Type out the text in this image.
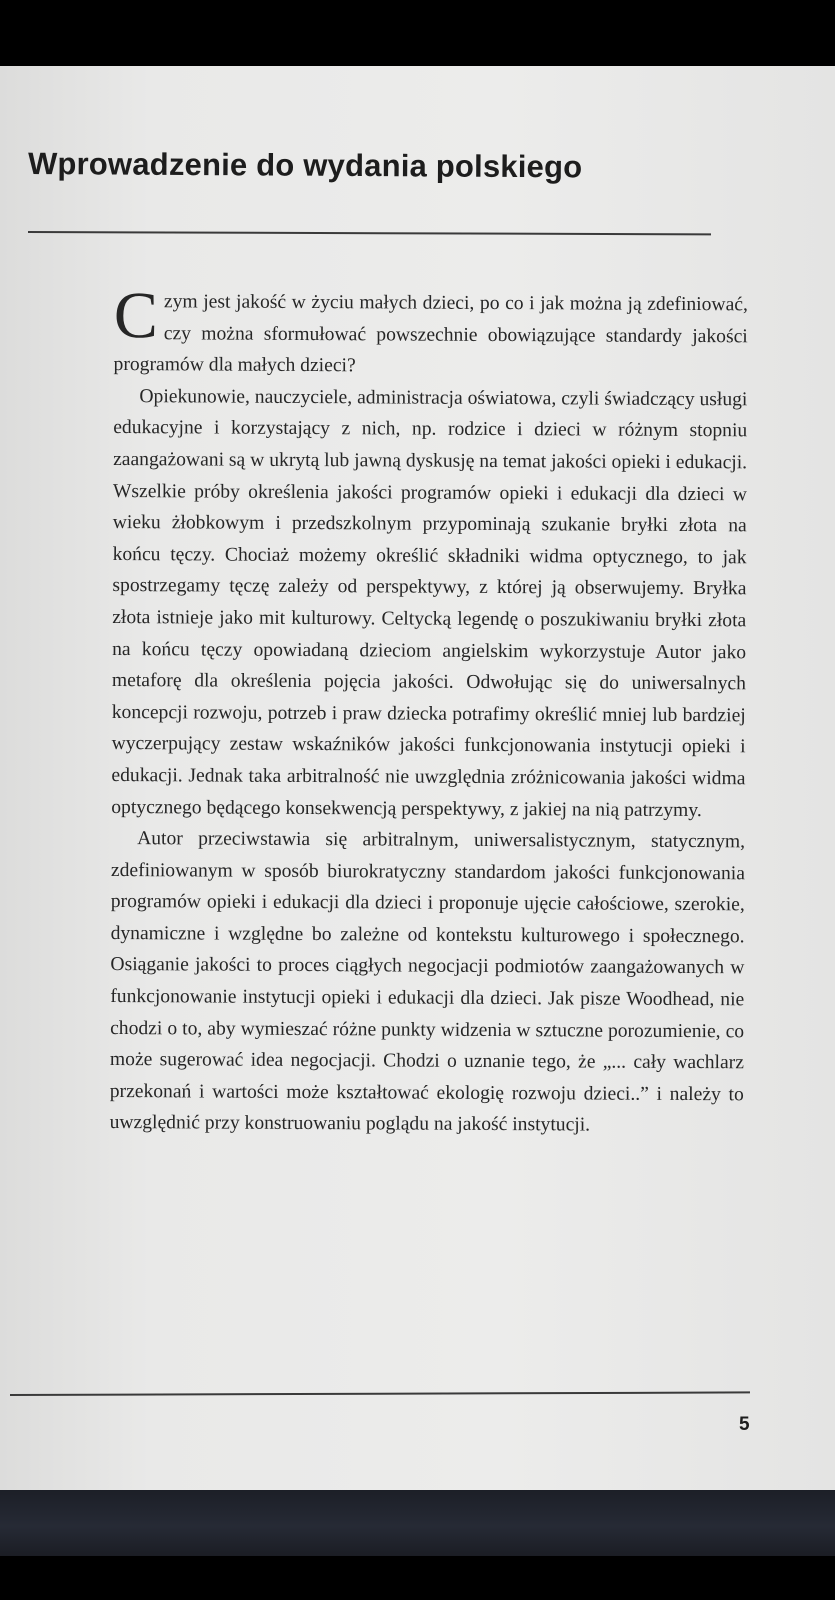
Wprowadzenie do wydania polskiego

Czym jest jakość w życiu małych dzieci, po co i jak można ją zdefiniować, czy można sformułować powszechnie obowiązujące standardy jakości programów dla małych dzieci?

Opiekunowie, nauczyciele, administracja oświatowa, czyli świadczący usługi edukacyjne i korzystający z nich, np. rodzice i dzieci w różnym stopniu zaangażowani są w ukrytą lub jawną dyskusję na temat jakości opieki i edukacji. Wszelkie próby określenia jakości programów opieki i edukacji dla dzieci w wieku żłobkowym i przedszkolnym przypominają szukanie bryłki złota na końcu tęczy. Chociaż możemy określić składniki widma optycznego, to jak spostrzegamy tęczę zależy od perspektywy, z której ją obserwujemy. Bryłka złota istnieje jako mit kulturowy. Celtycką legendę o poszukiwaniu bryłki złota na końcu tęczy opowiadaną dzieciom angielskim wykorzystuje Autor jako metaforę dla określenia pojęcia jakości. Odwołując się do uniwersalnych koncepcji rozwoju, potrzeb i praw dziecka potrafimy określić mniej lub bardziej wyczerpujący zestaw wskaźników jakości funkcjonowania instytucji opieki i edukacji. Jednak taka arbitralność nie uwzględnia zróżnicowania jakości widma optycznego będącego konsekwencją perspektywy, z jakiej na nią patrzymy.

Autor przeciwstawia się arbitralnym, uniwersalistycznym, statycznym, zdefiniowanym w sposób biurokratyczny standardom jakości funkcjonowania programów opieki i edukacji dla dzieci i proponuje ujęcie całościowe, szerokie, dynamiczne i względne bo zależne od kontekstu kulturowego i społecznego. Osiąganie jakości to proces ciągłych negocjacji podmiotów zaangażowanych w funkcjonowanie instytucji opieki i edukacji dla dzieci. Jak pisze Woodhead, nie chodzi o to, aby wymieszać różne punkty widzenia w sztuczne porozumienie, co może sugerować idea negocjacji. Chodzi o uznanie tego, że „... cały wachlarz przekonań i wartości może kształtować ekologię rozwoju dzieci..” i należy to uwzględnić przy konstruowaniu poglądu na jakość instytucji.

5
